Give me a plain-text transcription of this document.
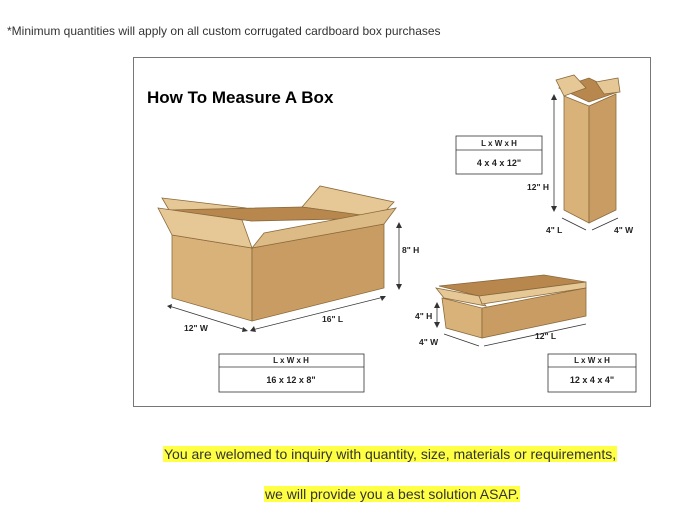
*Minimum quantities will apply on all custom corrugated cardboard box purchases
8" H
16" L
12" W
L x W x H
16 x 12 x 8"
12" H
4" L	4" W
L x W x H
4 x 4 x 12"
4" H
4" W
12" L
L x W x H
12 x 4 x 4"
How To Measure A Box
You are welomed to inquiry with quantity, size, materials or requirements,
we will provide you a best solution ASAP.
